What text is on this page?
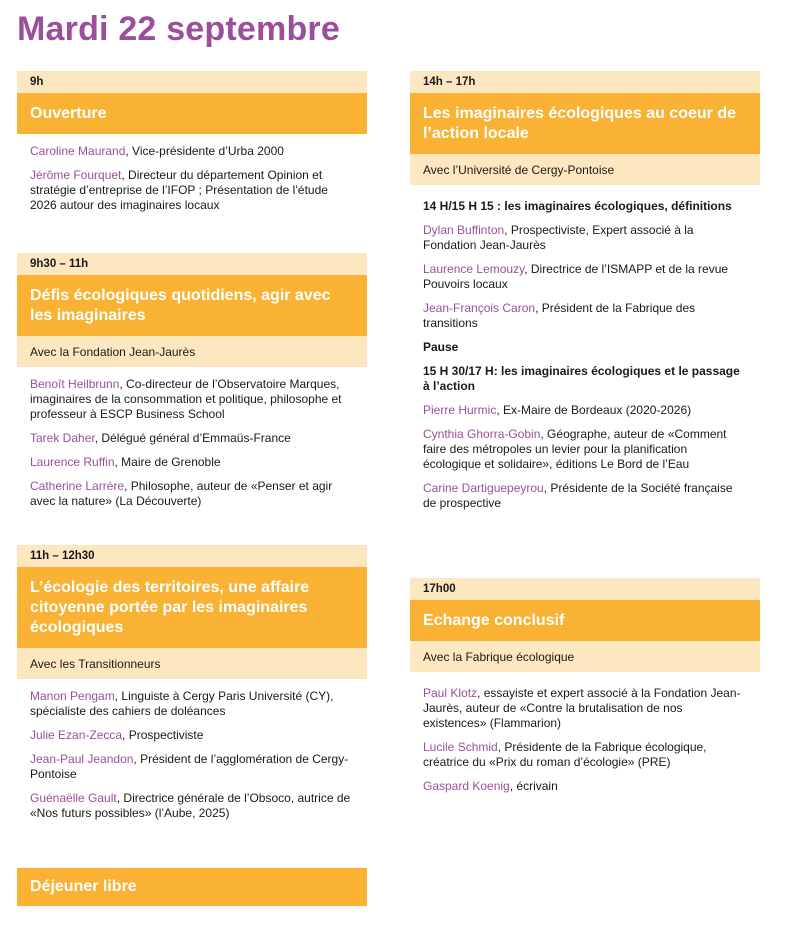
Mardi 22 septembre
9h
Ouverture
Caroline Maurand, Vice-présidente d’Urba 2000
Jérôme Fourquet, Directeur du département Opinion et stratégie d’entreprise de l’IFOP ; Présentation de l’étude 2026 autour des imaginaires locaux
9h30 – 11h
Défis écologiques quotidiens, agir avec les imaginaires
Avec la Fondation Jean-Jaurès
Benoît Heilbrunn, Co-directeur de l’Observatoire Marques, imaginaires de la consommation et politique, philosophe et professeur à ESCP Business School
Tarek Daher, Délégué général d’Emmaüs-France
Laurence Ruffin, Maire de Grenoble
Catherine Larrère, Philosophe, auteur de «Penser et agir avec la nature» (La Découverte)
11h – 12h30
L’écologie des territoires, une affaire citoyenne portée par les imaginaires écologiques
Avec les Transitionneurs
Manon Pengam, Linguiste à Cergy Paris Université (CY), spécialiste des cahiers de doléances
Julie Ezan-Zecca, Prospectiviste
Jean-Paul Jeandon, Président de l’agglomération de Cergy-Pontoise
Guénaëlle Gault, Directrice générale de l’Obsoco, autrice de «Nos futurs possibles» (l’Aube, 2025)
Déjeuner libre
14h – 17h
Les imaginaires écologiques au coeur de l’action locale
Avec l’Université de Cergy-Pontoise
14 H/15 H 15 : les imaginaires écologiques, définitions
Dylan Buffinton, Prospectiviste, Expert associé à la Fondation Jean-Jaurès
Laurence Lemouzy, Directrice de l’ISMAPP et de la revue Pouvoirs locaux
Jean-François Caron, Président de la Fabrique des transitions
Pause
15 H 30/17 H: les imaginaires écologiques et le passage à l’action
Pierre Hurmic, Ex-Maire de Bordeaux (2020-2026)
Cynthia Ghorra-Gobin, Géographe, auteur de «Comment faire des métropoles un levier pour la planification écologique et solidaire», éditions Le Bord de l’Eau
Carine Dartiguepeyrou, Présidente de la Société française de prospective
17h00
Echange conclusif
Avec la Fabrique écologique
Paul Klotz, essayiste et expert associé à la Fondation Jean-Jaurès, auteur de «Contre la brutalisation de nos existences» (Flammarion)
Lucile Schmid, Présidente de la Fabrique écologique, créatrice du «Prix du roman d’écologie» (PRE)
Gaspard Koenig, écrivain
